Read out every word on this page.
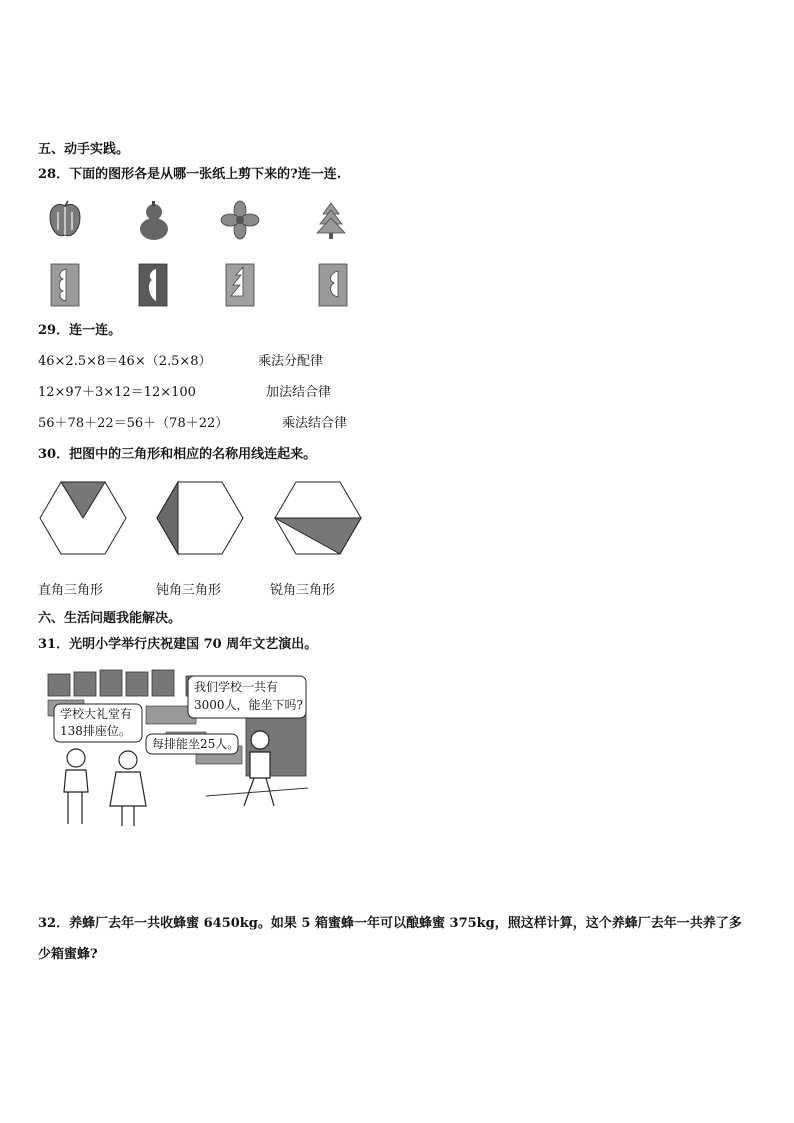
五、动手实践。
28．下面的图形各是从哪一张纸上剪下来的?连一连.
29．连一连。
46×2.5×8＝46×（2.5×8）	乘法分配律
12×97＋3×12＝12×100	加法结合律
56＋78＋22＝56＋（78＋22）	乘法结合律
30．把图中的三角形和相应的名称用线连起来。
直角三角形	钝角三角形	锐角三角形
六、生活问题我能解决。
31．光明小学举行庆祝建国 70 周年文艺演出。
学校大礼堂有
138排座位。
每排能坐25人。
我们学校一共有
3000人，能坐下吗?
32．养蜂厂去年一共收蜂蜜 6450kg。如果 5 箱蜜蜂一年可以酿蜂蜜 375kg，照这样计算，这个养蜂厂去年一共养了多
少箱蜜蜂?
